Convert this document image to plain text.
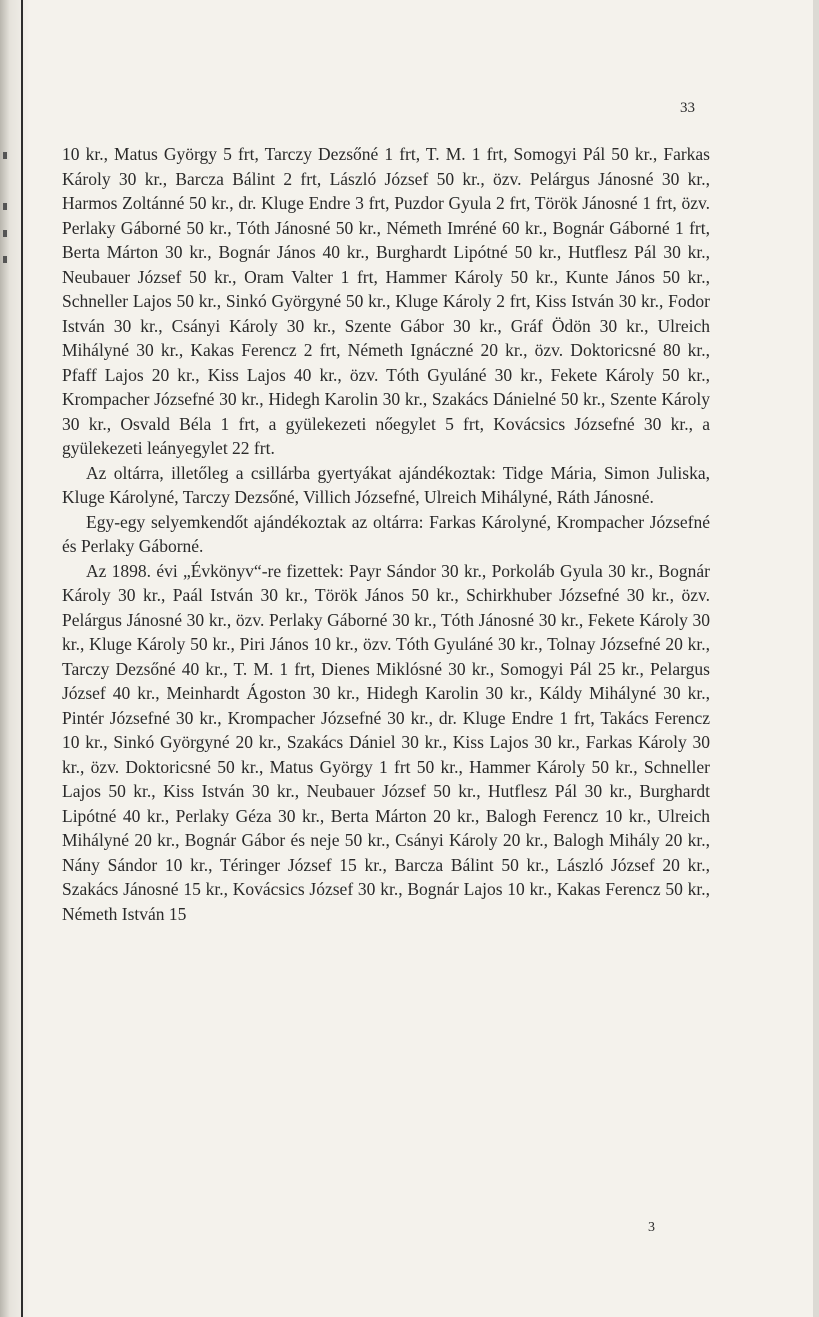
33

10 kr., Matus György 5 frt, Tarczy Dezsőné 1 frt, T. M. 1 frt, Somogyi Pál 50 kr., Farkas Károly 30 kr., Barcza Bálint 2 frt, László József 50 kr., özv. Pelárgus Jánosné 30 kr., Harmos Zoltánné 50 kr., dr. Kluge Endre 3 frt, Puzdor Gyula 2 frt, Török Jánosné 1 frt, özv. Perlaky Gáborné 50 kr., Tóth Jánosné 50 kr., Németh Imréné 60 kr., Bognár Gáborné 1 frt, Berta Márton 30 kr., Bognár János 40 kr., Burghardt Lipótné 50 kr., Hutflesz Pál 30 kr., Neubauer József 50 kr., Oram Valter 1 frt, Hammer Károly 50 kr., Kunte János 50 kr., Schneller Lajos 50 kr., Sinkó Györgyné 50 kr., Kluge Károly 2 frt, Kiss István 30 kr., Fodor István 30 kr., Csányi Károly 30 kr., Szente Gábor 30 kr., Gráf Ödön 30 kr., Ulreich Mihályné 30 kr., Kakas Ferencz 2 frt, Németh Ignáczné 20 kr., özv. Doktoricsné 80 kr., Pfaff Lajos 20 kr., Kiss Lajos 40 kr., özv. Tóth Gyuláné 30 kr., Fekete Károly 50 kr., Krompacher Józsefné 30 kr., Hidegh Karolin 30 kr., Szakács Dánielné 50 kr., Szente Károly 30 kr., Osvald Béla 1 frt, a gyülekezeti nőegylet 5 frt, Kovácsics Józsefné 30 kr., a gyülekezeti leányegylet 22 frt.

Az oltárra, illetőleg a csillárba gyertyákat ajándékoztak: Tidge Mária, Simon Juliska, Kluge Károlyné, Tarczy Dezsőné, Villich Józsefné, Ulreich Mihályné, Ráth Jánosné.

Egy-egy selyemkendőt ajándékoztak az oltárra: Farkas Károlyné, Krompacher Józsefné és Perlaky Gáborné.

Az 1898. évi „Évkönyv“-re fizettek: Payr Sándor 30 kr., Porkoláb Gyula 30 kr., Bognár Károly 30 kr., Paál István 30 kr., Török János 50 kr., Schirkhuber Józsefné 30 kr., özv. Pelárgus Jánosné 30 kr., özv. Perlaky Gáborné 30 kr., Tóth Jánosné 30 kr., Fekete Károly 30 kr., Kluge Károly 50 kr., Piri János 10 kr., özv. Tóth Gyuláné 30 kr., Tolnay Józsefné 20 kr., Tarczy Dezsőné 40 kr., T. M. 1 frt, Dienes Miklósné 30 kr., Somogyi Pál 25 kr., Pelargus József 40 kr., Meinhardt Ágoston 30 kr., Hidegh Karolin 30 kr., Káldy Mihályné 30 kr., Pintér Józsefné 30 kr., Krompacher Józsefné 30 kr., dr. Kluge Endre 1 frt, Takács Ferencz 10 kr., Sinkó Györgyné 20 kr., Szakács Dániel 30 kr., Kiss Lajos 30 kr., Farkas Károly 30 kr., özv. Doktoricsné 50 kr., Matus György 1 frt 50 kr., Hammer Károly 50 kr., Schneller Lajos 50 kr., Kiss István 30 kr., Neubauer József 50 kr., Hutflesz Pál 30 kr., Burghardt Lipótné 40 kr., Perlaky Géza 30 kr., Berta Márton 20 kr., Balogh Ferencz 10 kr., Ulreich Mihályné 20 kr., Bognár Gábor és neje 50 kr., Csányi Károly 20 kr., Balogh Mihály 20 kr., Nány Sándor 10 kr., Téringer József 15 kr., Barcza Bálint 50 kr., László József 20 kr., Szakács Jánosné 15 kr., Kovácsics József 30 kr., Bognár Lajos 10 kr., Kakas Ferencz 50 kr., Németh István 15

3
